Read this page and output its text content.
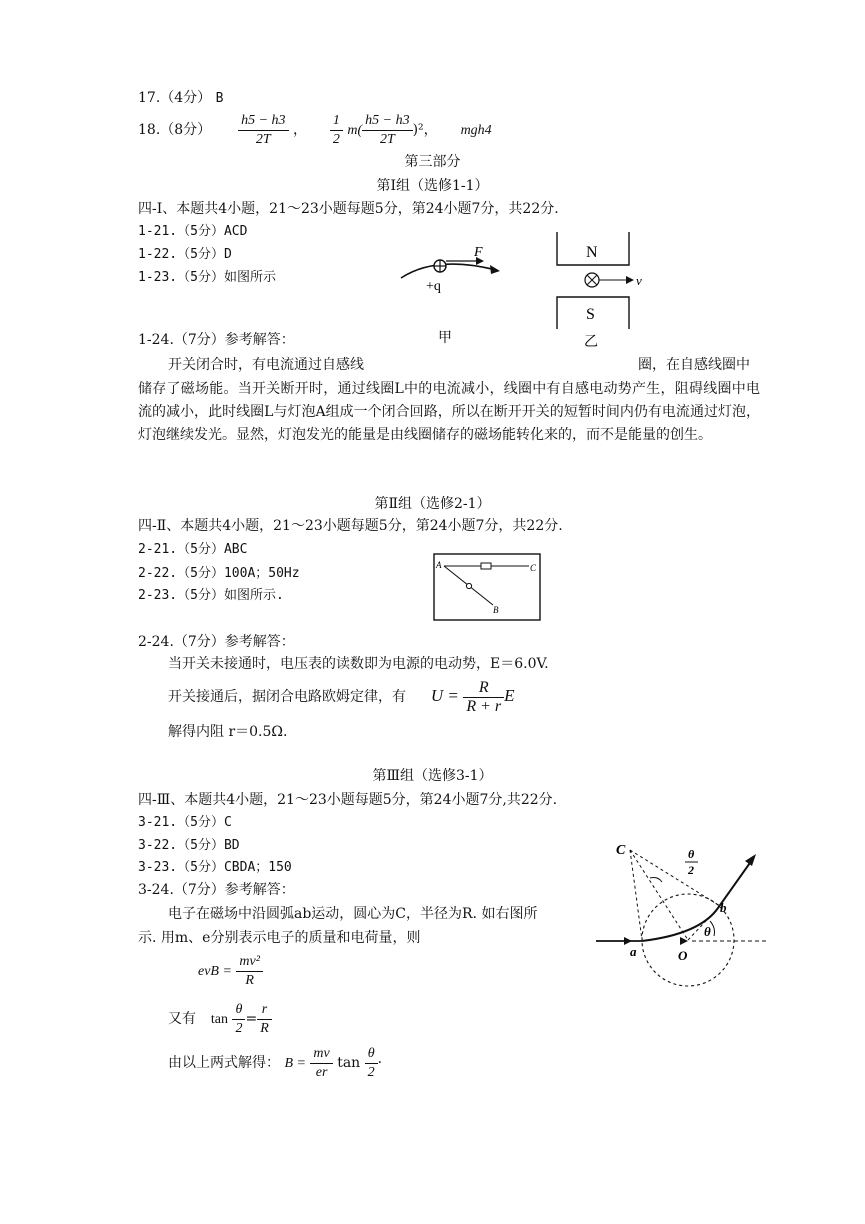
17.（4分） B
18.（8分） $\frac{h5 - h3}{2T}$ ， $\frac{1}{2} m( \frac{h5 - h3}{2T} )^2$， mgh4
第三部分
第Ⅰ组（选修1-1）
四-Ⅰ、本题共4小题，21～23小题每题5分，第24小题7分，共22分.
1-21.（5分）ACD
1-22.（5分）D
1-23.（5分）如图所示
F
+q
甲
N
v
S
乙
1-24.（7分）参考解答：
开关闭合时，有电流通过自感线	圈，在自感线圈中
储存了磁场能。当开关断开时，通过线圈L中的电流减小，线圈中有自感电动势产生，阻碍线圈中电流的减小，此时线圈L与灯泡A组成一个闭合回路，所以在断开开关的短暂时间内仍有电流通过灯泡，灯泡继续发光。显然，灯泡发光的能量是由线圈储存的磁场能转化来的，而不是能量的创生。
第Ⅱ组（选修2-1）
四-Ⅱ、本题共4小题，21～23小题每题5分，第24小题7分，共22分.
2-21.（5分）ABC
2-22.（5分）100A；50Hz
2-23.（5分）如图所示.
A
B
C
2-24.（7分）参考解答：
当开关未接通时，电压表的读数即为电源的电动势，E＝6.0V.
开关接通后，据闭合电路欧姆定律，有 $U = \frac{R}{R + r}$ E
解得内阻 r＝0.5Ω.
第Ⅲ组（选修3-1）
四-Ⅲ、本题共4小题，21～23小题每题5分，第24小题7分,共22分.
3-21.（5分）C
3-22.（5分）BD
3-23.（5分）CBDA；150
3-24.（7分）参考解答：
电子在磁场中沿圆弧ab运动，圆心为C，半径为R. 如右图所
示. 用m、e分别表示电子的质量和电荷量，则
evB = $\frac{\text{mv²}}{R}$
又有 $\tan \frac{\theta}{2} = \frac{r}{R}$
由以上两式解得： $B = \frac{mv}{er}$ $\tan \frac{\theta}{2}$ ·
C
a	O
b
θ
θ
2
